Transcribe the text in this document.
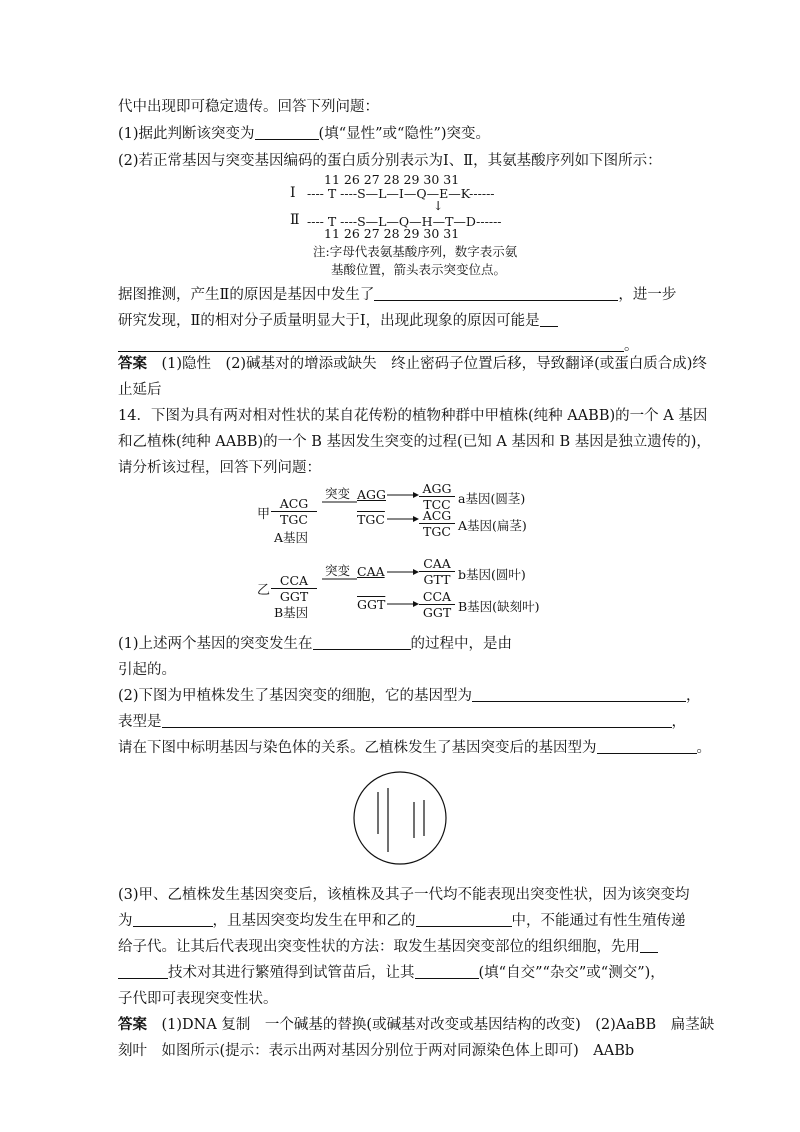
代中出现即可稳定遗传。回答下列问题：
(1)据此判断该突变为	(填“显性”或“隐性”)突变。
(2)若正常基因与突变基因编码的蛋白质分别表示为Ⅰ、Ⅱ，其氨基酸序列如下图所示：
11 26 27 28 29 30 31
Ⅰ ---- T ----S—L—I—Q—E—K------
↓
Ⅱ ---- T ----S—L—Q—H—T—D------
11 26 27 28 29 30 31
注:字母代表氨基酸序列，数字表示氨
基酸位置，箭头表示突变位点。
据图推测，产生Ⅱ的原因是基因中发生了	，进一步
研究发现，Ⅱ的相对分子质量明显大于Ⅰ，出现此现象的原因可能是
。
答案　 (1)隐性　(2)碱基对的增添或缺失　终止密码子位置后移，导致翻译(或蛋白质合成)终
止延后
14．下图为具有两对相对性状的某自花传粉的植物种群中甲植株(纯种 AABB)的一个 A 基因
和乙植株(纯种 AABB)的一个 B 基因发生突变的过程(已知 A 基因和 B 基因是独立遗传的)，
请分析该过程，回答下列问题：
甲
ACG
TGC
A基因
突变 AGG	AGG
TCC a基因(圆茎)
$\overline{TGC}$	ACG
TGC A基因(扁茎)
乙
CCA
GGT
B基因
突变 CAA
CAA
GTT b基因(圆叶)
$\overline{GGT}$
CCA
GGT B基因(缺刻叶)
(1)上述两个基因的突变发生在	的过程中，是由
引起的。
(2)下图为甲植株发生了基因突变的细胞，它的基因型为	，
表型是	，
请在下图中标明基因与染色体的关系。乙植株发生了基因突变后的基因型为	。
(3)甲、乙植株发生基因突变后，该植株及其子一代均不能表现出突变性状，因为该突变均
为	，且基因突变均发生在甲和乙的	中，不能通过有性生殖传递
给子代。让其后代表现出突变性状的方法：取发生基因突变部位的组织细胞，先用
技术对其进行繁殖得到试管苗后，让其	(填“自交”“杂交”或“测交”)，
子代即可表现突变性状。
答案　 (1)DNA 复制　一个碱基的替换(或碱基对改变或基因结构的改变)　(2)AaBB　扁茎缺
刻叶　如图所示(提示：表示出两对基因分别位于两对同源染色体上即可)　AABb
